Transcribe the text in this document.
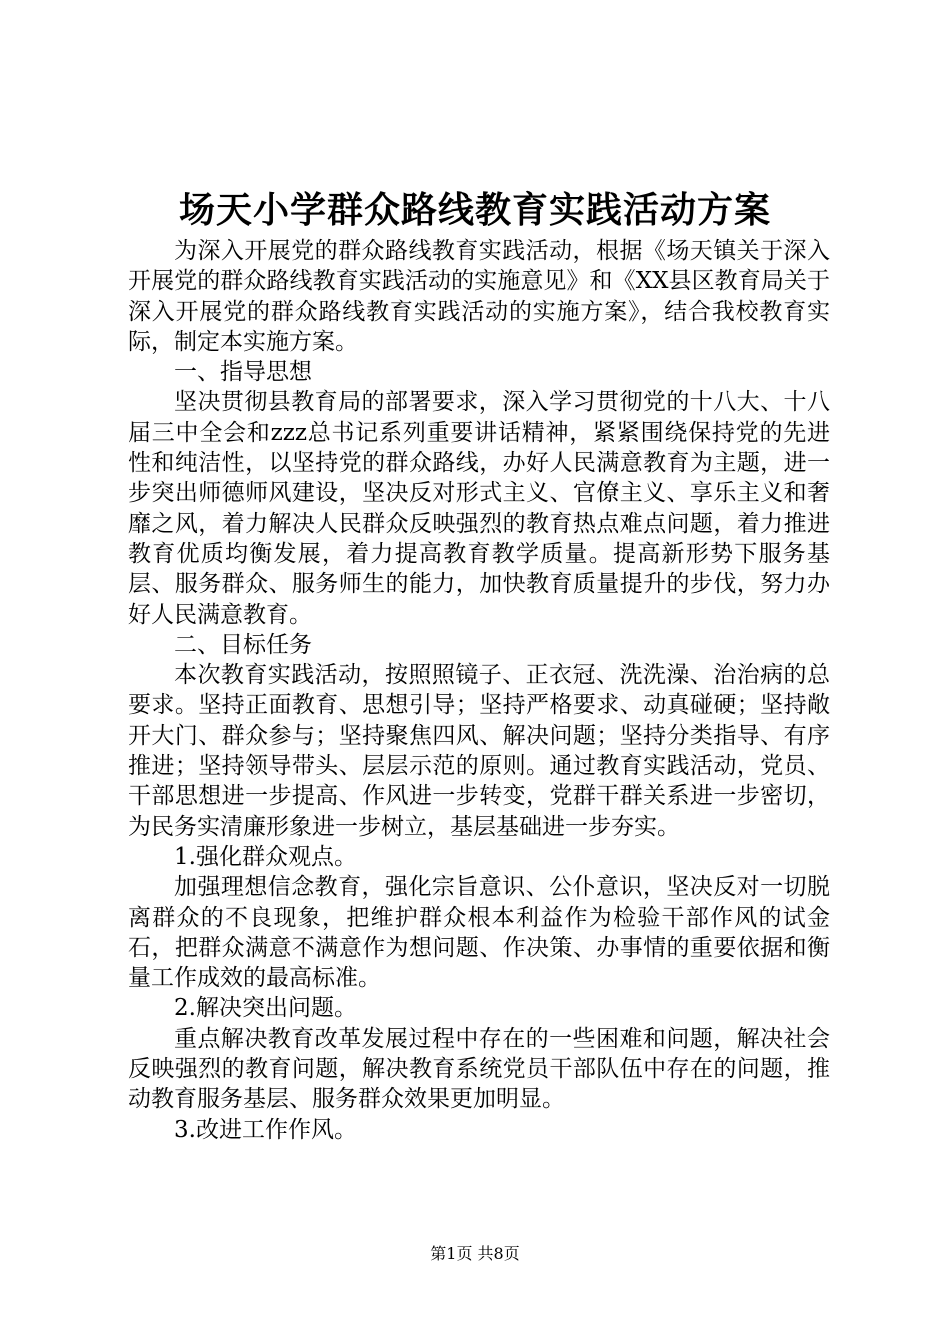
场天小学群众路线教育实践活动方案

为深入开展党的群众路线教育实践活动，根据《场天镇关于深入开展党的群众路线教育实践活动的实施意见》和《XX县区教育局关于深入开展党的群众路线教育实践活动的实施方案》，结合我校教育实际，制定本实施方案。

一、指导思想

坚决贯彻县教育局的部署要求，深入学习贯彻党的十八大、十八届三中全会和zzz总书记系列重要讲话精神，紧紧围绕保持党的先进性和纯洁性，以坚持党的群众路线，办好人民满意教育为主题，进一步突出师德师风建设，坚决反对形式主义、官僚主义、享乐主义和奢靡之风，着力解决人民群众反映强烈的教育热点难点问题，着力推进教育优质均衡发展，着力提高教育教学质量。提高新形势下服务基层、服务群众、服务师生的能力，加快教育质量提升的步伐，努力办好人民满意教育。

二、目标任务

本次教育实践活动，按照照镜子、正衣冠、洗洗澡、治治病的总要求。坚持正面教育、思想引导；坚持严格要求、动真碰硬；坚持敞开大门、群众参与；坚持聚焦四风、解决问题；坚持分类指导、有序推进；坚持领导带头、层层示范的原则。通过教育实践活动，党员、干部思想进一步提高、作风进一步转变，党群干群关系进一步密切，为民务实清廉形象进一步树立，基层基础进一步夯实。

1.强化群众观点。

加强理想信念教育，强化宗旨意识、公仆意识，坚决反对一切脱离群众的不良现象，把维护群众根本利益作为检验干部作风的试金石，把群众满意不满意作为想问题、作决策、办事情的重要依据和衡量工作成效的最高标准。

2.解决突出问题。

重点解决教育改革发展过程中存在的一些困难和问题，解决社会反映强烈的教育问题，解决教育系统党员干部队伍中存在的问题，推动教育服务基层、服务群众效果更加明显。

3.改进工作作风。

第1页 共8页
